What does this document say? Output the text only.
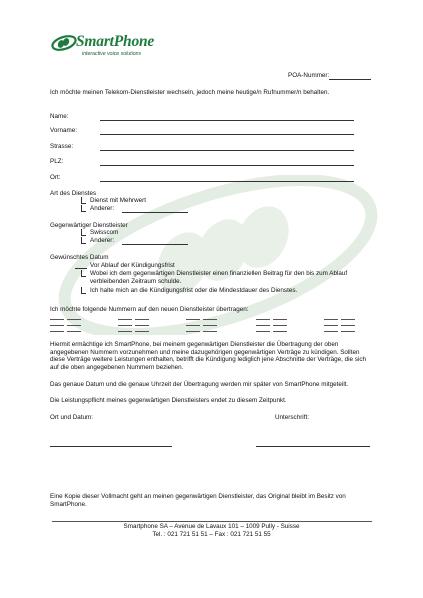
SmartPhone
interactive voice solutions
POA-Nummer:
Ich möchte meinen Telekom-Dienstleister wechseln, jedoch meine heutige/n Rufnummer/n behalten.
Name:
Vorname:
Strasse:
PLZ:
Ort:
Art des Dienstes
Dienst mit Mehrwert
Anderer:
Gegenwärtiger Dienstleister
Swisscom
Anderer:
Gewünschtes Datum
Vor Ablauf der Kündigungsfrist
Wobei ich dem gegenwärtigen Dienstleister einen finanziellen Beitrag für den bis zum Ablauf verbleibenden Zeitraum schulde.
Ich halte mich an die Kündigungsfrist oder die Mindestdauer des Dienstes.
Ich möchte folgende Nummern auf den neuen Dienstleister übertragen:
Hiermit ermächtige ich SmartPhone, bei meinem gegenwärtigen Dienstleister die Übertragung der oben angegebenen Nummern vorzunehmen und meine dazugehörigen gegenwärtigen Verträge zu kündigen. Sollten diese Verträge weitere Leistungen enthalten, betrifft die Kündigung lediglich jene Abschnitte der Verträge, die sich auf die oben angegebenen Nummern beziehen.
Das genaue Datum und die genaue Uhrzeit der Übertragung werden mir später von SmartPhone mitgeteilt.
Die Leistungspflicht meines gegenwärtigen Dienstleisters endet zu diesem Zeitpunkt.
Ort und Datum:	Unterschrift:
Eine Kopie dieser Vollmacht geht an meinen gegenwärtigen Dienstleister, das Original bleibt im Besitz von SmartPhone.
Smartphone SA – Avenue de Lavaux 101 – 1009 Pully - Suisse
Tel. : 021 721 51 51 – Fax : 021 721 51 55
